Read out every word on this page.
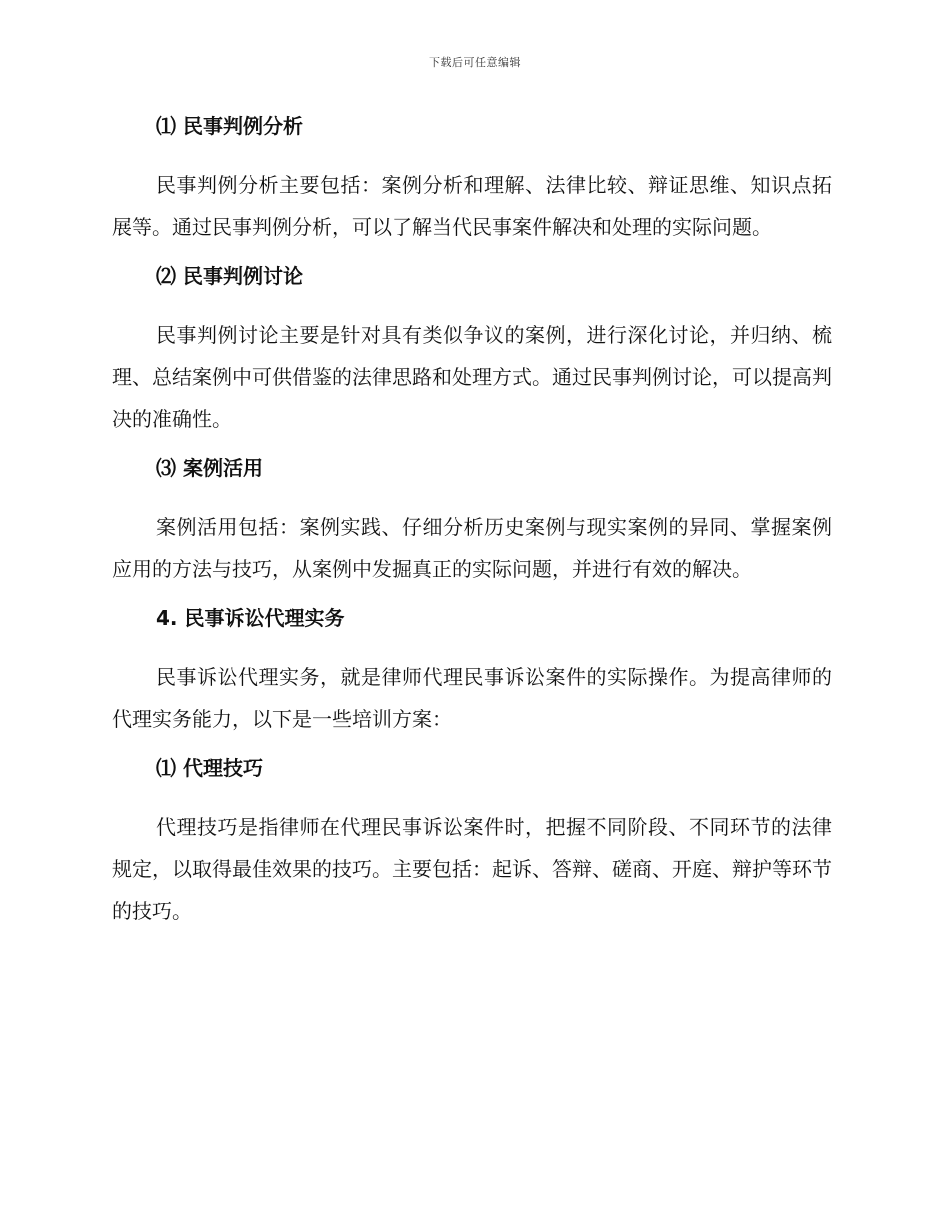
下载后可任意编辑
⑴ 民事判例分析

民事判例分析主要包括：案例分析和理解、法律比较、辩证思维、知识点拓展等。通过民事判例分析，可以了解当代民事案件解决和处理的实际问题。

⑵ 民事判例讨论

民事判例讨论主要是针对具有类似争议的案例，进行深化讨论，并归纳、梳理、总结案例中可供借鉴的法律思路和处理方式。通过民事判例讨论，可以提高判决的准确性。

⑶ 案例活用

案例活用包括：案例实践、仔细分析历史案例与现实案例的异同、掌握案例应用的方法与技巧，从案例中发掘真正的实际问题，并进行有效的解决。

4. 民事诉讼代理实务

民事诉讼代理实务，就是律师代理民事诉讼案件的实际操作。为提高律师的代理实务能力，以下是一些培训方案：

⑴ 代理技巧

代理技巧是指律师在代理民事诉讼案件时，把握不同阶段、不同环节的法律规定，以取得最佳效果的技巧。主要包括：起诉、答辩、磋商、开庭、辩护等环节的技巧。
